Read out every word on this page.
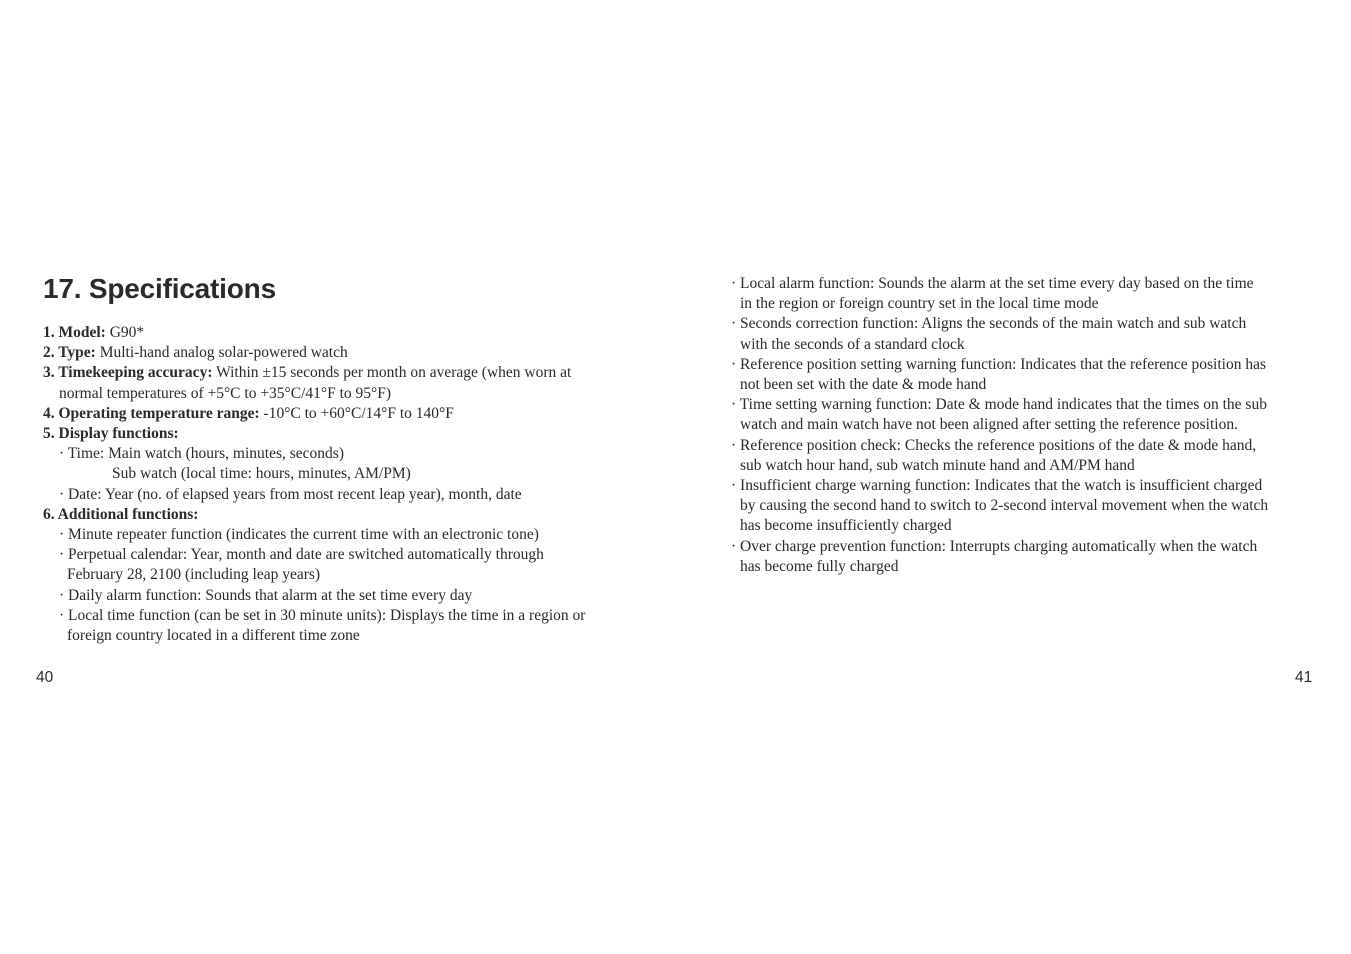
17. Specifications
1. Model: G90*
2. Type: Multi-hand analog solar-powered watch
3. Timekeeping accuracy: Within ±15 seconds per month on average (when worn at
normal temperatures of +5°C to +35°C/41°F to 95°F)
4. Operating temperature range: -10°C to +60°C/14°F to 140°F
5. Display functions:
· Time: Main watch (hours, minutes, seconds)
Sub watch (local time: hours, minutes, AM/PM)
· Date: Year (no. of elapsed years from most recent leap year), month, date
6. Additional functions:
· Minute repeater function (indicates the current time with an electronic tone)
· Perpetual calendar: Year, month and date are switched automatically through
February 28, 2100 (including leap years)
· Daily alarm function: Sounds that alarm at the set time every day
· Local time function (can be set in 30 minute units): Displays the time in a region or
foreign country located in a different time zone
· Local alarm function: Sounds the alarm at the set time every day based on the time
in the region or foreign country set in the local time mode
· Seconds correction function: Aligns the seconds of the main watch and sub watch
with the seconds of a standard clock
· Reference position setting warning function: Indicates that the reference position has
not been set with the date & mode hand
· Time setting warning function: Date & mode hand indicates that the times on the sub
watch and main watch have not been aligned after setting the reference position.
· Reference position check: Checks the reference positions of the date & mode hand,
sub watch hour hand, sub watch minute hand and AM/PM hand
· Insufficient charge warning function: Indicates that the watch is insufficient charged
by causing the second hand to switch to 2-second interval movement when the watch
has become insufficiently charged
· Over charge prevention function: Interrupts charging automatically when the watch
has become fully charged
40	41
